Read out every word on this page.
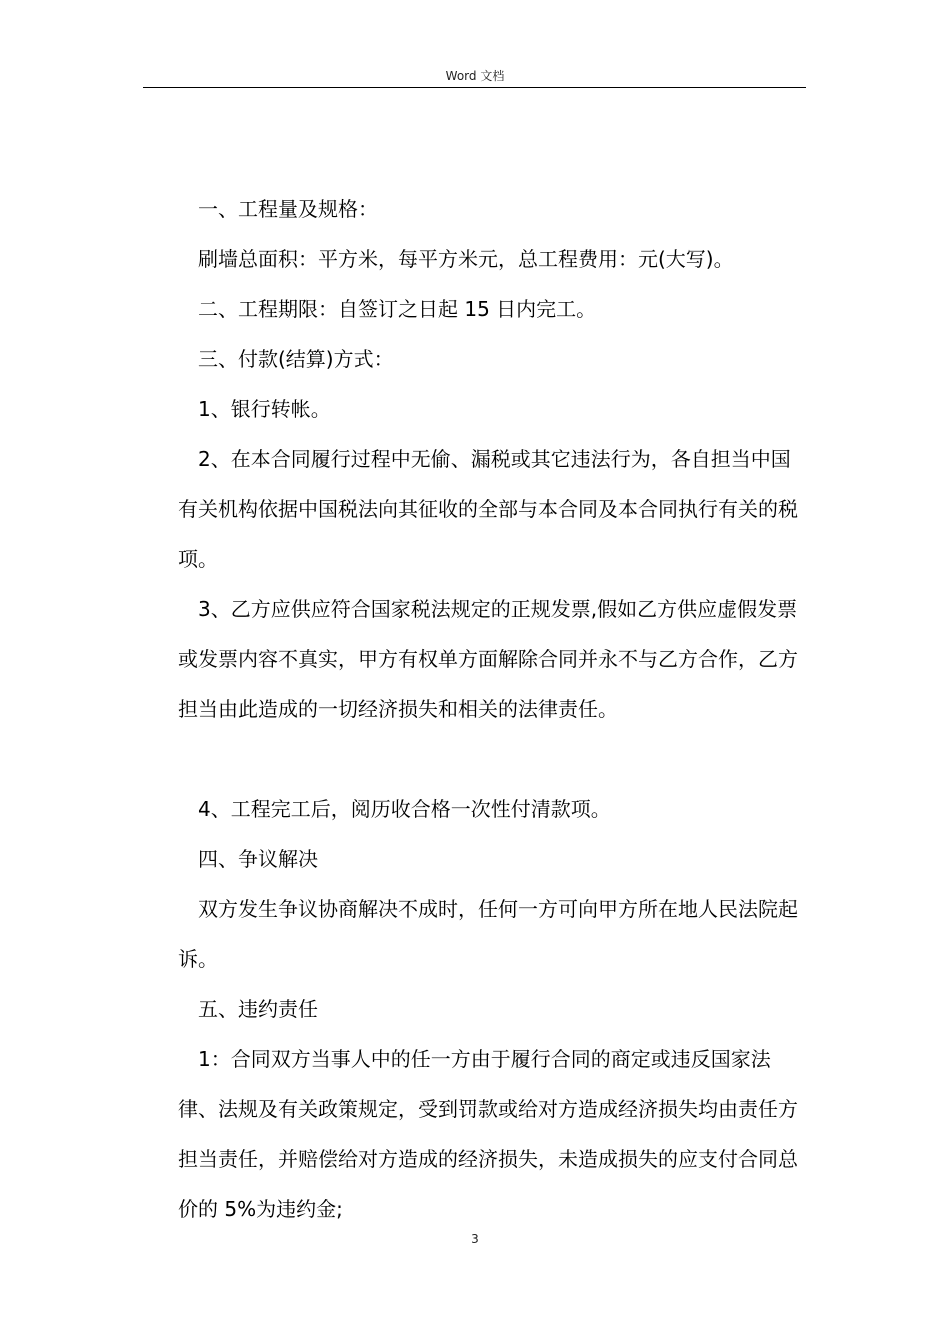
Word 文档

一、工程量及规格：

刷墙总面积：平方米，每平方米元，总工程费用：元(大写)。

二、工程期限：自签订之日起 15 日内完工。

三、付款(结算)方式：

1、银行转帐。

2、在本合同履行过程中无偷、漏税或其它违法行为，各自担当中国有关机构依据中国税法向其征收的全部与本合同及本合同执行有关的税项。

3、乙方应供应符合国家税法规定的正规发票,假如乙方供应虚假发票或发票内容不真实，甲方有权单方面解除合同并永不与乙方合作，乙方担当由此造成的一切经济损失和相关的法律责任。

4、工程完工后，阅历收合格一次性付清款项。

四、争议解决

双方发生争议协商解决不成时，任何一方可向甲方所在地人民法院起诉。

五、违约责任

1：合同双方当事人中的任一方由于履行合同的商定或违反国家法律、法规及有关政策规定，受到罚款或给对方造成经济损失均由责任方担当责任，并赔偿给对方造成的经济损失，未造成损失的应支付合同总价的 5%为违约金;

3
